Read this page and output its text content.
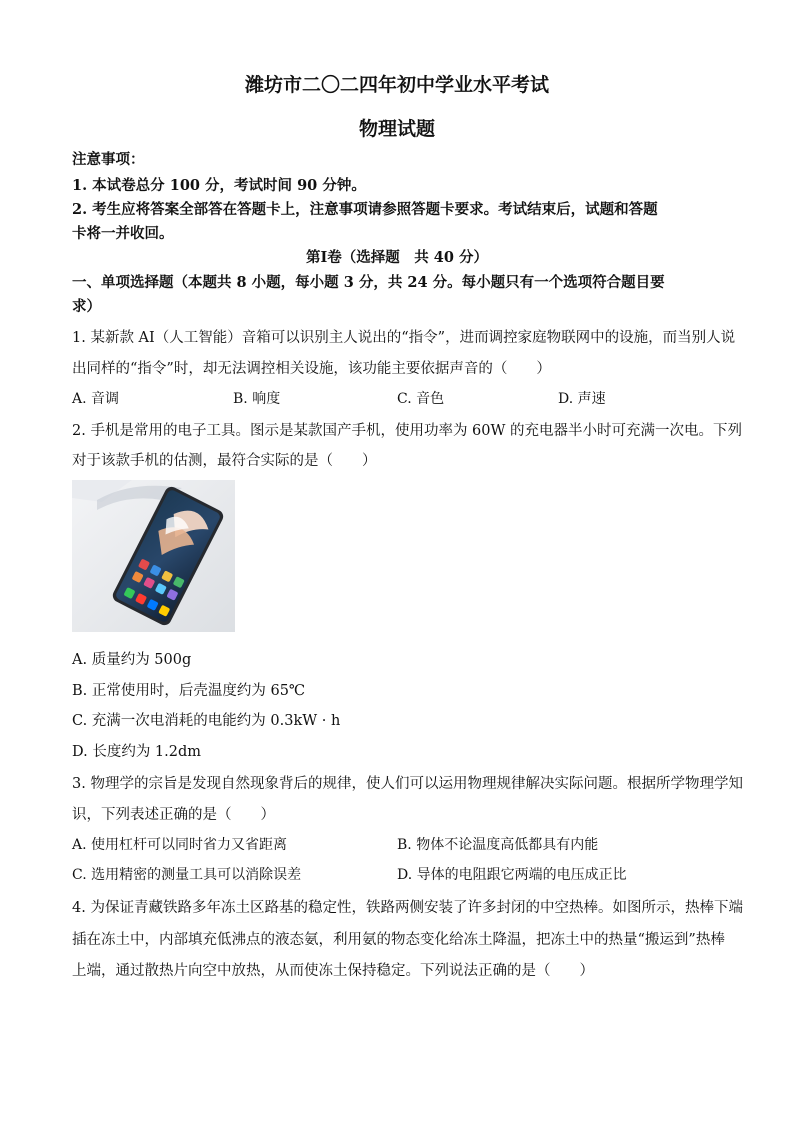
潍坊市二〇二四年初中学业水平考试
物理试题
注意事项：
1. 本试卷总分 100 分，考试时间 90 分钟。
2. 考生应将答案全部答在答题卡上，注意事项请参照答题卡要求。考试结束后，试题和答题
卡将一并收回。
第Ⅰ卷（选择题　共 40 分）
一、单项选择题（本题共 8 小题，每小题 3 分，共 24 分。每小题只有一个选项符合题目要
求）
1. 某新款 AI（人工智能）音箱可以识别主人说出的“指令”，进而调控家庭物联网中的设施，而当别人说
出同样的“指令”时，却无法调控相关设施，该功能主要依据声音的（　　）
A. 音调	B. 响度	C. 音色	D. 声速
2. 手机是常用的电子工具。图示是某款国产手机，使用功率为 60W 的充电器半小时可充满一次电。下列
对于该款手机的估测，最符合实际的是（　　）
A. 质量约为 500g
B. 正常使用时，后壳温度约为 65℃
C. 充满一次电消耗的电能约为 0.3kW · h
D. 长度约为 1.2dm
3. 物理学的宗旨是发现自然现象背后的规律，使人们可以运用物理规律解决实际问题。根据所学物理学知
识，下列表述正确的是（　　）
A. 使用杠杆可以同时省力又省距离	B. 物体不论温度高低都具有内能
C. 选用精密的测量工具可以消除误差	D. 导体的电阻跟它两端的电压成正比
4. 为保证青藏铁路多年冻土区路基的稳定性，铁路两侧安装了许多封闭的中空热棒。如图所示，热棒下端
插在冻土中，内部填充低沸点的液态氨，利用氨的物态变化给冻土降温，把冻土中的热量“搬运到”热棒
上端，通过散热片向空中放热，从而使冻土保持稳定。下列说法正确的是（　　）
